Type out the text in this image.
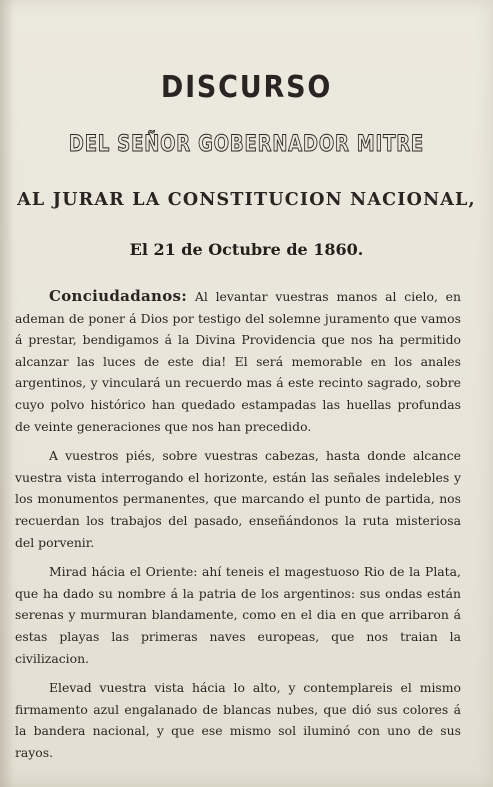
DISCURSO
DEL SEÑOR GOBERNADOR MITRE
AL JURAR LA CONSTITUCION NACIONAL,
El 21 de Octubre de 1860.

Conciudadanos: Al levantar vuestras manos al cielo, en ademan de poner á Dios por testigo del solemne juramento que vamos á prestar, bendigamos á la Divina Providencia que nos ha permitido alcanzar las luces de este dia! El será memorable en los anales argentinos, y vinculará un recuerdo mas á este recinto sagrado, sobre cuyo polvo histórico han quedado estampadas las huellas profundas de veinte generaciones que nos han precedido.

A vuestros piés, sobre vuestras cabezas, hasta donde alcance vuestra vista interrogando el horizonte, están las señales indelebles y los monumentos permanentes, que marcando el punto de partida, nos recuerdan los trabajos del pasado, enseñándonos la ruta misteriosa del porvenir.

Mirad hácia el Oriente: ahí teneis el magestuoso Rio de la Plata, que ha dado su nombre á la patria de los argentinos: sus ondas están serenas y murmuran blandamente, como en el dia en que arribaron á estas playas las primeras naves europeas, que nos traian la civilizacion.

Elevad vuestra vista hácia lo alto, y contemplareis el mismo firmamento azul engalanado de blancas nubes, que dió sus colores á la bandera nacional, y que ese mismo sol iluminó con uno de sus rayos.
